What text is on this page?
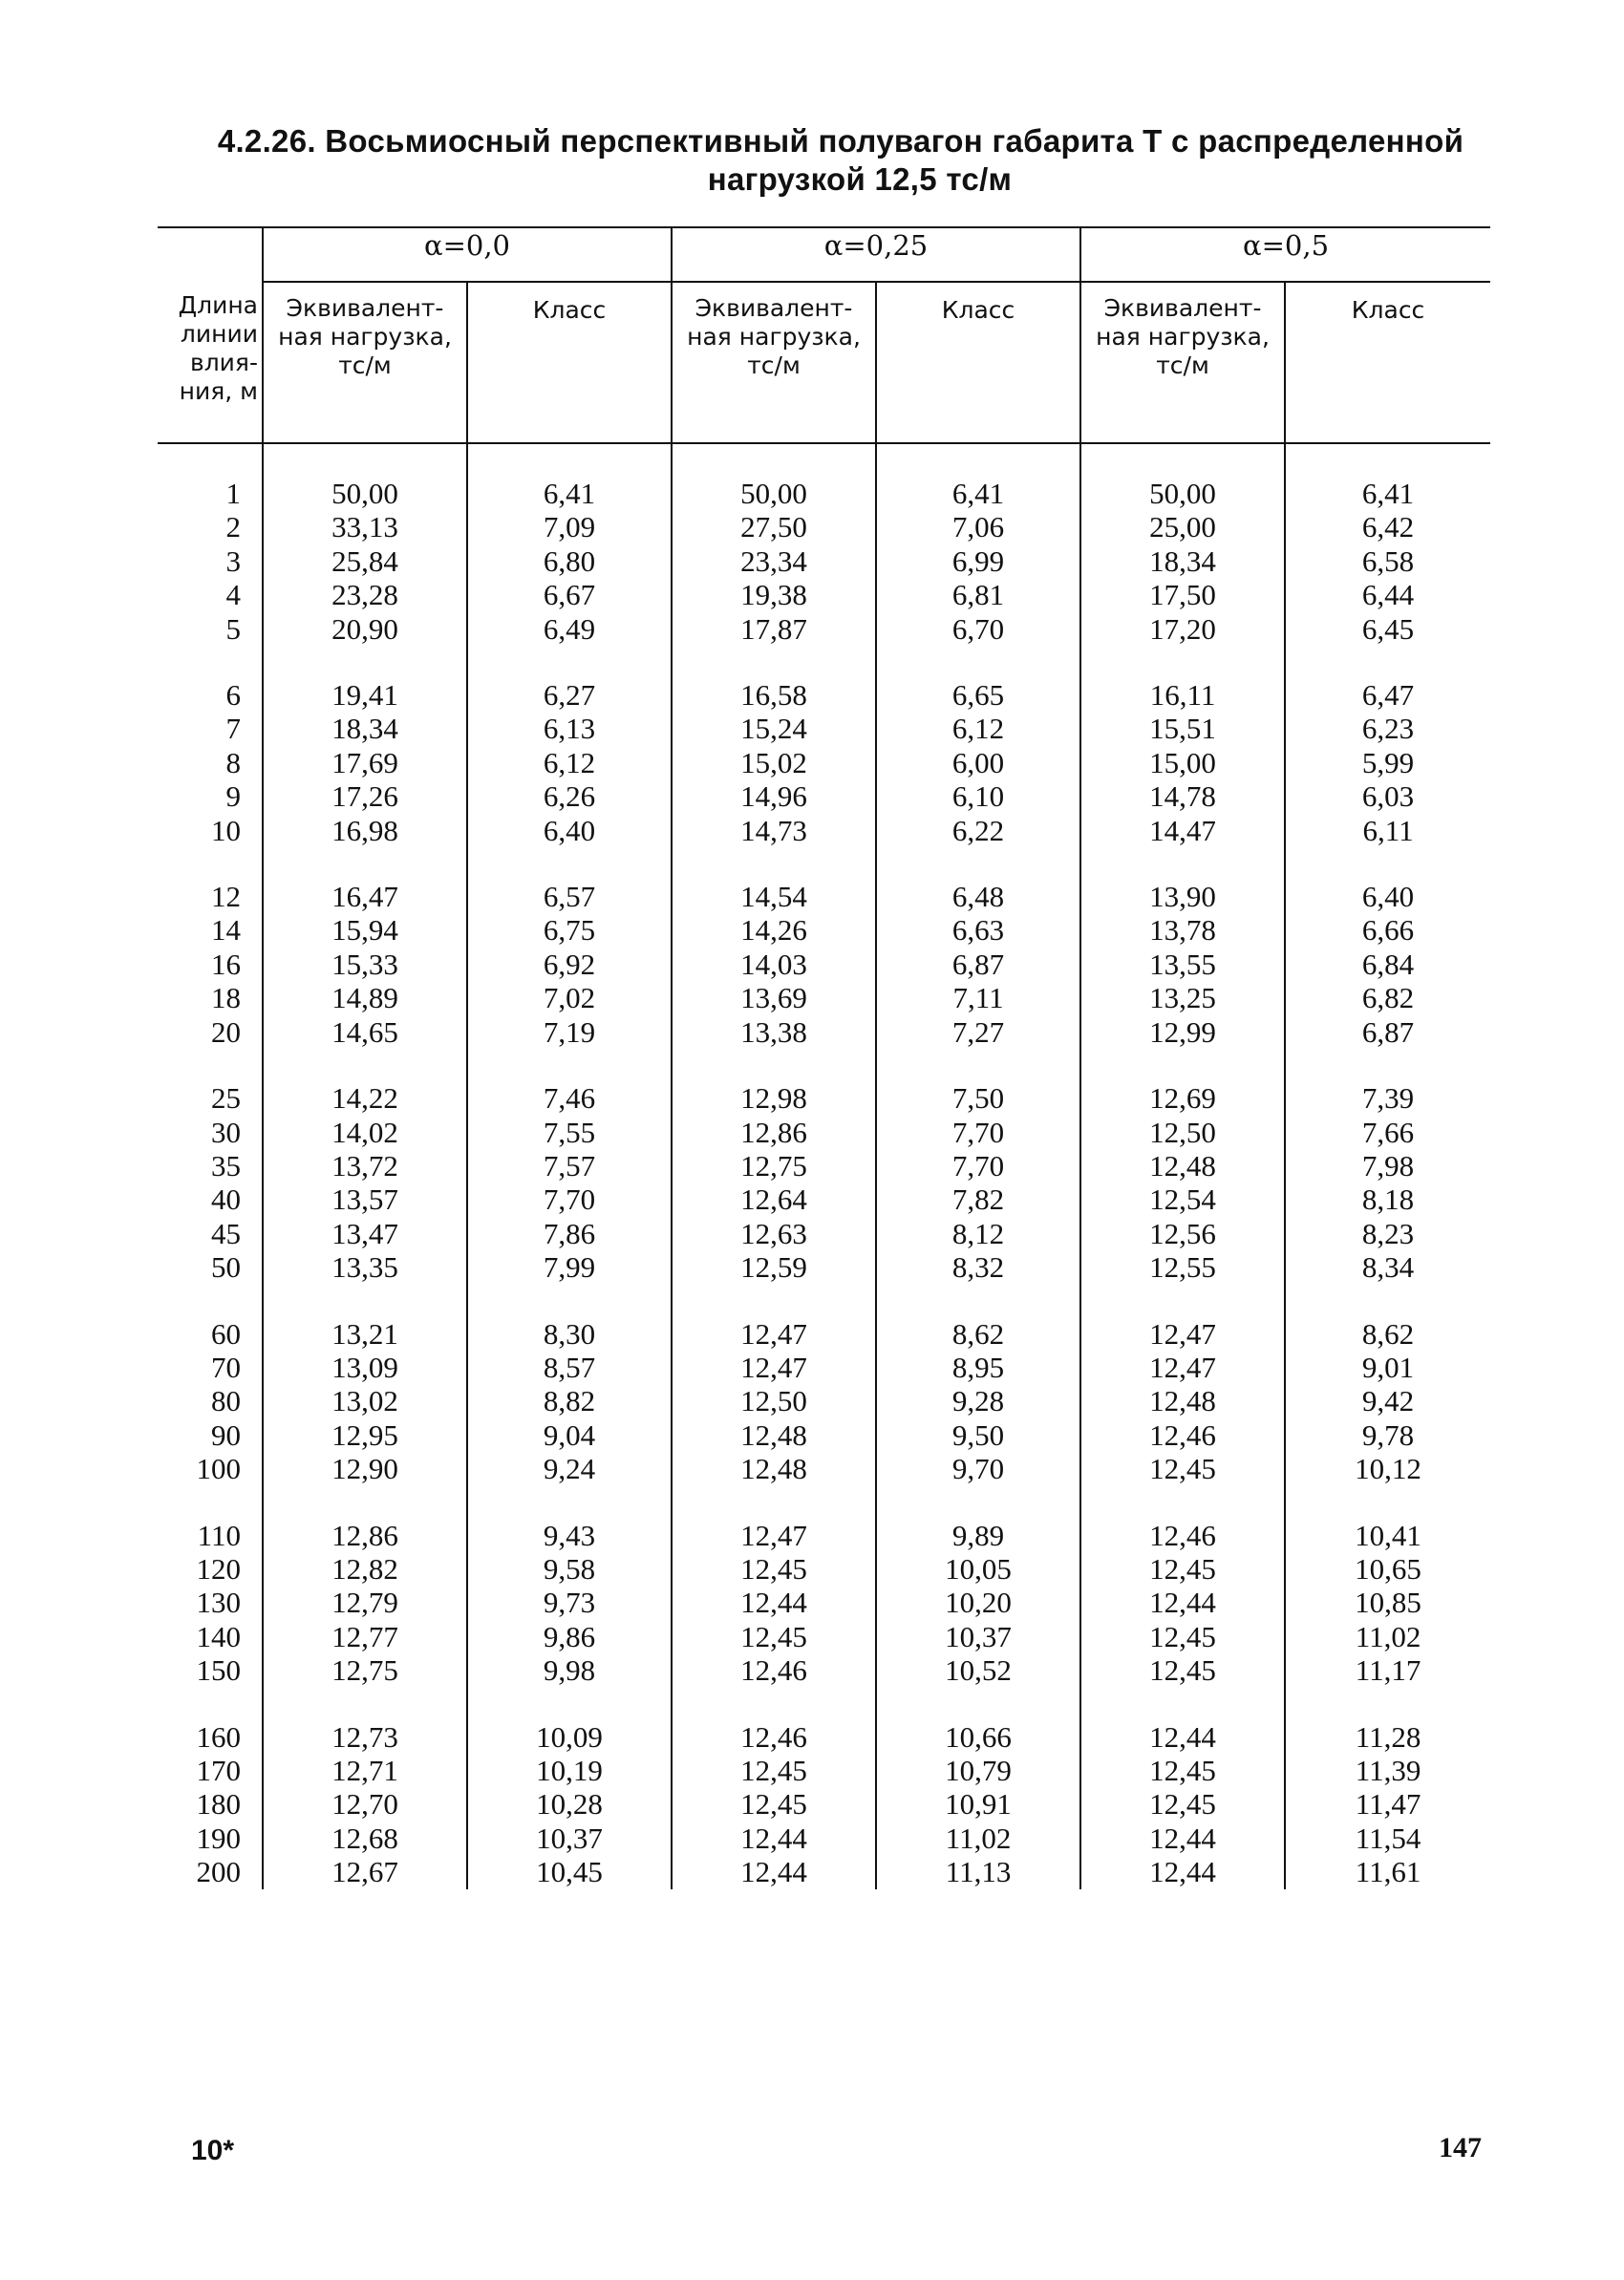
4.2.26. Восьмиосный перспективный полувагон габарита T с распределенной
нагрузкой 12,5 тс/м
Длина линии влия-ния, м	α=0,0		α=0,25		α=0,5	
	Эквивалент-ная нагрузка, тс/м	Класс	Эквивалент-ная нагрузка, тс/м	Класс	Эквивалент-ная нагрузка, тс/м	Класс

1	50,00	6,41	50,00	6,41	50,00	6,41
2	33,13	7,09	27,50	7,06	25,00	6,42
3	25,84	6,80	23,34	6,99	18,34	6,58
4	23,28	6,67	19,38	6,81	17,50	6,44
5	20,90	6,49	17,87	6,70	17,20	6,45

6	19,41	6,27	16,58	6,65	16,11	6,47
7	18,34	6,13	15,24	6,12	15,51	6,23
8	17,69	6,12	15,02	6,00	15,00	5,99
9	17,26	6,26	14,96	6,10	14,78	6,03
10	16,98	6,40	14,73	6,22	14,47	6,11

12	16,47	6,57	14,54	6,48	13,90	6,40
14	15,94	6,75	14,26	6,63	13,78	6,66
16	15,33	6,92	14,03	6,87	13,55	6,84
18	14,89	7,02	13,69	7,11	13,25	6,82
20	14,65	7,19	13,38	7,27	12,99	6,87

25	14,22	7,46	12,98	7,50	12,69	7,39
30	14,02	7,55	12,86	7,70	12,50	7,66
35	13,72	7,57	12,75	7,70	12,48	7,98
40	13,57	7,70	12,64	7,82	12,54	8,18
45	13,47	7,86	12,63	8,12	12,56	8,23
50	13,35	7,99	12,59	8,32	12,55	8,34

60	13,21	8,30	12,47	8,62	12,47	8,62
70	13,09	8,57	12,47	8,95	12,47	9,01
80	13,02	8,82	12,50	9,28	12,48	9,42
90	12,95	9,04	12,48	9,50	12,46	9,78
100	12,90	9,24	12,48	9,70	12,45	10,12

110	12,86	9,43	12,47	9,89	12,46	10,41
120	12,82	9,58	12,45	10,05	12,45	10,65
130	12,79	9,73	12,44	10,20	12,44	10,85
140	12,77	9,86	12,45	10,37	12,45	11,02
150	12,75	9,98	12,46	10,52	12,45	11,17

160	12,73	10,09	12,46	10,66	12,44	11,28
170	12,71	10,19	12,45	10,79	12,45	11,39
180	12,70	10,28	12,45	10,91	12,45	11,47
190	12,68	10,37	12,44	11,02	12,44	11,54
200	12,67	10,45	12,44	11,13	12,44	11,61
10*	147
